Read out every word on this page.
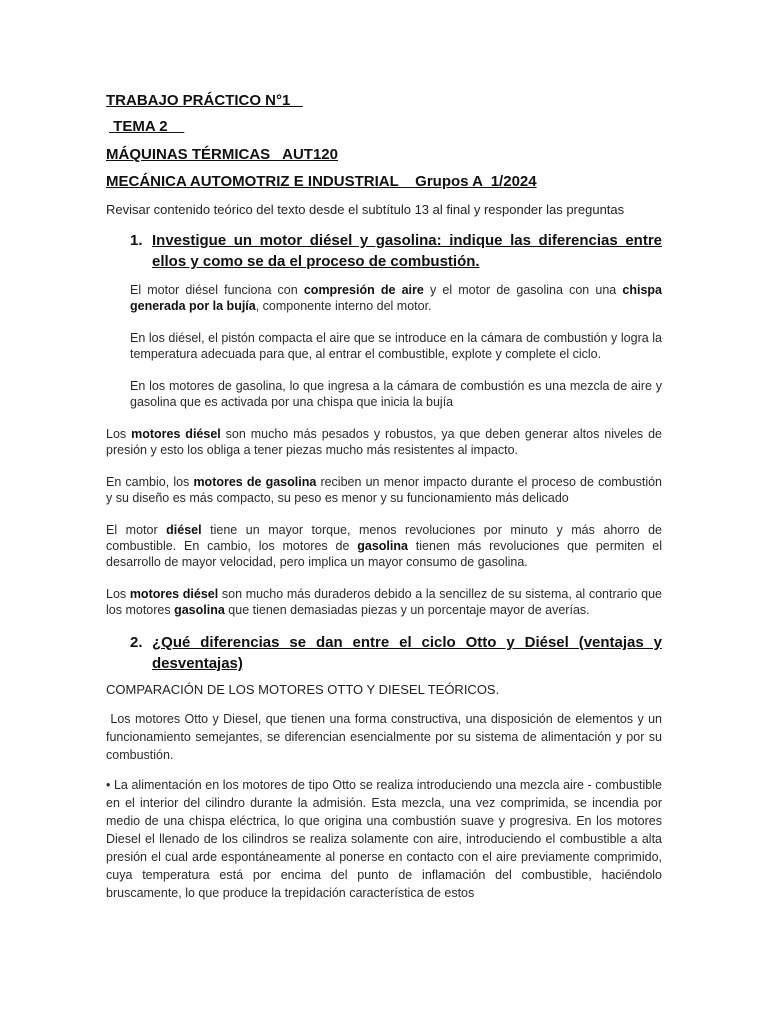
TRABAJO PRÁCTICO N°1
TEMA 2
MÁQUINAS TÉRMICAS   AUT120
MECÁNICA AUTOMOTRIZ E INDUSTRIAL    Grupos A  1/2024

Revisar contenido teórico del texto desde el subtítulo 13 al final y responder las preguntas

1. Investigue un motor diésel y gasolina: indique las diferencias entre ellos y como se da el proceso de combustión.

El motor diésel funciona con compresión de aire y el motor de gasolina con una chispa generada por la bujía, componente interno del motor.

En los diésel, el pistón compacta el aire que se introduce en la cámara de combustión y logra la temperatura adecuada para que, al entrar el combustible, explote y complete el ciclo.

En los motores de gasolina, lo que ingresa a la cámara de combustión es una mezcla de aire y gasolina que es activada por una chispa que inicia la bujía

Los motores diésel son mucho más pesados y robustos, ya que deben generar altos niveles de presión y esto los obliga a tener piezas mucho más resistentes al impacto.

En cambio, los motores de gasolina reciben un menor impacto durante el proceso de combustión y su diseño es más compacto, su peso es menor y su funcionamiento más delicado

El motor diésel tiene un mayor torque, menos revoluciones por minuto y más ahorro de combustible. En cambio, los motores de gasolina tienen más revoluciones que permiten el desarrollo de mayor velocidad, pero implica un mayor consumo de gasolina.

Los motores diésel son mucho más duraderos debido a la sencillez de su sistema, al contrario que los motores gasolina que tienen demasiadas piezas y un porcentaje mayor de averías.

2. ¿Qué diferencias se dan entre el ciclo Otto y Diésel (ventajas y desventajas)

COMPARACIÓN DE LOS MOTORES OTTO Y DIESEL TEÓRICOS.

Los motores Otto y Diesel, que tienen una forma constructiva, una disposición de elementos y un funcionamiento semejantes, se diferencian esencialmente por su sistema de alimentación y por su combustión.

• La alimentación en los motores de tipo Otto se realiza introduciendo una mezcla aire - combustible en el interior del cilindro durante la admisión. Esta mezcla, una vez comprimida, se incendia por medio de una chispa eléctrica, lo que origina una combustión suave y progresiva. En los motores Diesel el llenado de los cilindros se realiza solamente con aire, introduciendo el combustible a alta presión el cual arde espontáneamente al ponerse en contacto con el aire previamente comprimido, cuya temperatura está por encima del punto de inflamación del combustible, haciéndolo bruscamente, lo que produce la trepidación característica de estos
